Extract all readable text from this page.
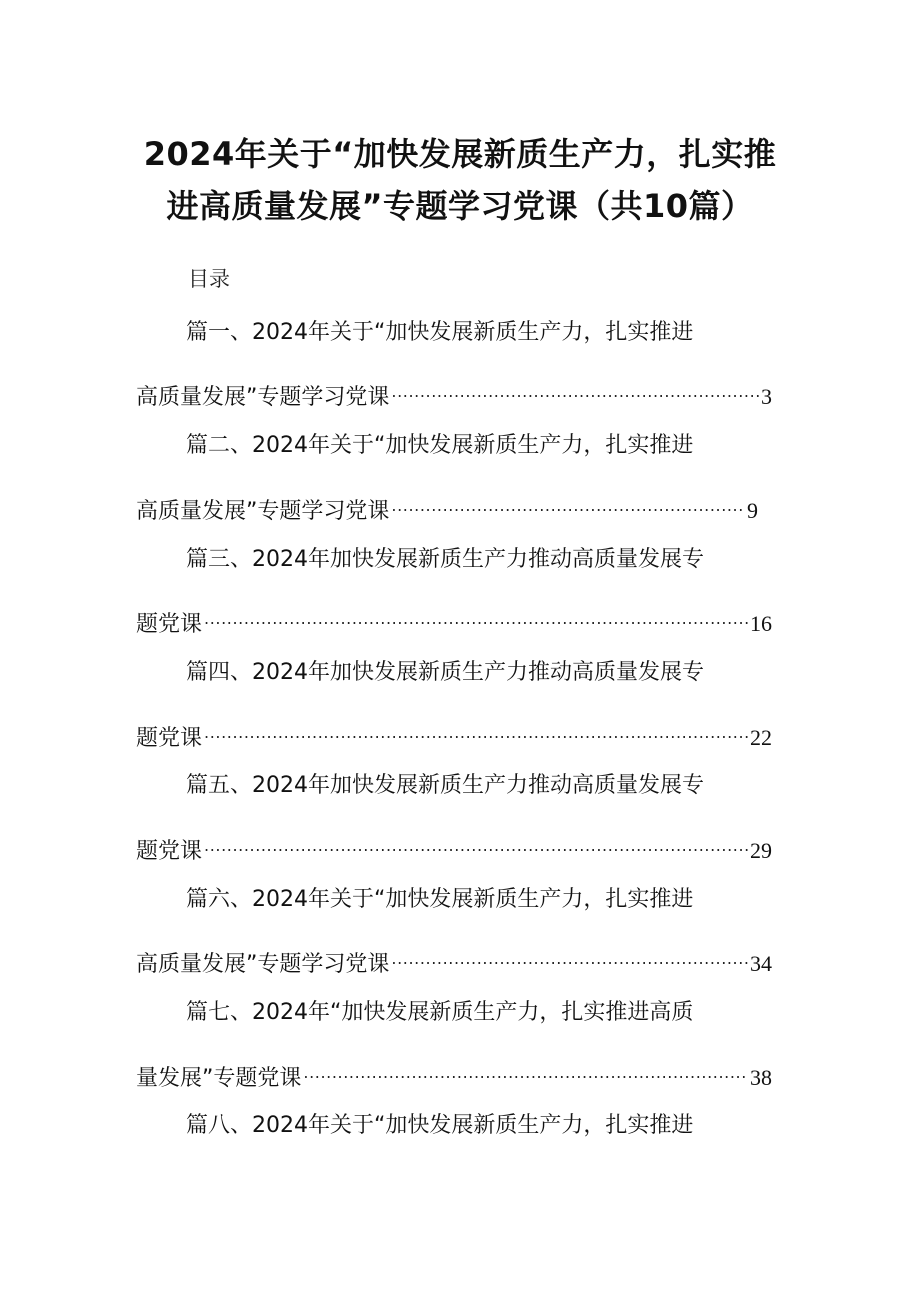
2024年关于“加快发展新质生产力，扎实推
进高质量发展”专题学习党课（共10篇）
目录
篇一、2024年关于“加快发展新质生产力，扎实推进
高质量发展”专题学习党课 .....	3
篇二、2024年关于“加快发展新质生产力，扎实推进
高质量发展”专题学习党课 .....	9
篇三、2024年加快发展新质生产力推动高质量发展专
题党课 .....	16
篇四、2024年加快发展新质生产力推动高质量发展专
题党课 .....	22
篇五、2024年加快发展新质生产力推动高质量发展专
题党课 .....	29
篇六、2024年关于“加快发展新质生产力，扎实推进
高质量发展”专题学习党课 .....	34
篇七、2024年“加快发展新质生产力，扎实推进高质
量发展”专题党课 .....	38
篇八、2024年关于“加快发展新质生产力，扎实推进
